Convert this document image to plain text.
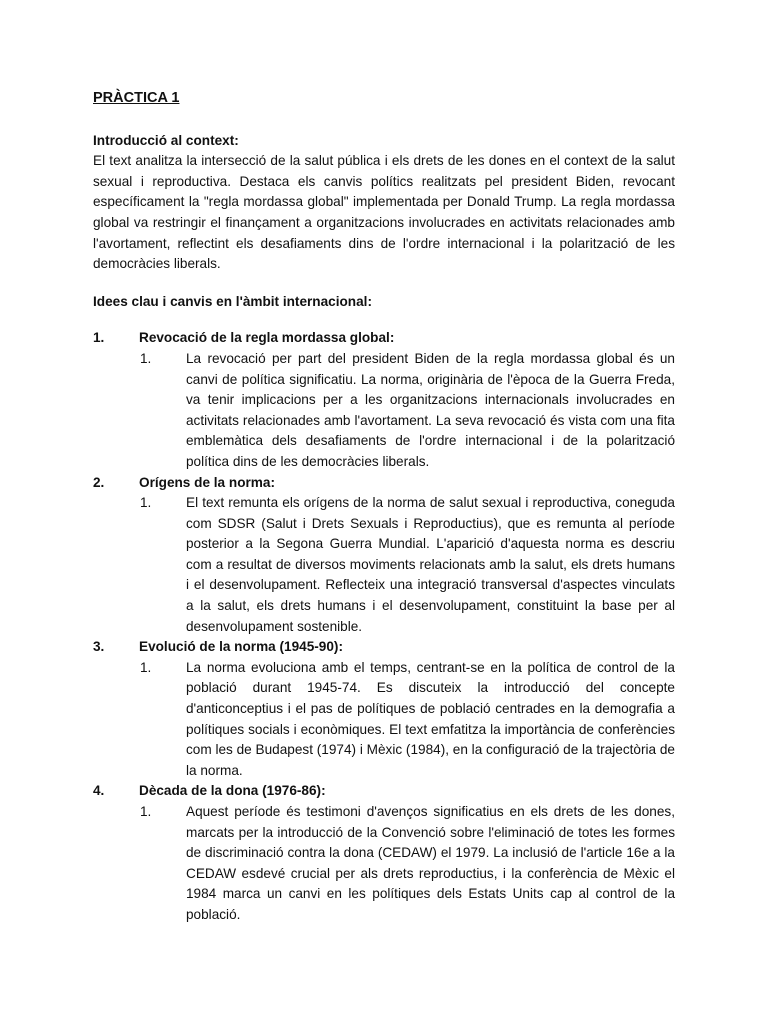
PRÀCTICA 1

Introducció al context:

El text analitza la intersecció de la salut pública i els drets de les dones en el context de la salut sexual i reproductiva. Destaca els canvis polítics realitzats pel president Biden, revocant específicament la "regla mordassa global" implementada per Donald Trump. La regla mordassa global va restringir el finançament a organitzacions involucrades en activitats relacionades amb l'avortament, reflectint els desafiaments dins de l'ordre internacional i la polarització de les democràcies liberals.

Idees clau i canvis en l'àmbit internacional:

1.	Revocació de la regla mordassa global:

1.	La revocació per part del president Biden de la regla mordassa global és un canvi de política significatiu. La norma, originària de l'època de la Guerra Freda, va tenir implicacions per a les organitzacions internacionals involucrades en activitats relacionades amb l'avortament. La seva revocació és vista com una fita emblemàtica dels desafiaments de l'ordre internacional i de la polarització política dins de les democràcies liberals.

2.	Orígens de la norma:

1.	El text remunta els orígens de la norma de salut sexual i reproductiva, coneguda com SDSR (Salut i Drets Sexuals i Reproductius), que es remunta al període posterior a la Segona Guerra Mundial. L'aparició d'aquesta norma es descriu com a resultat de diversos moviments relacionats amb la salut, els drets humans i el desenvolupament. Reflecteix una integració transversal d'aspectes vinculats a la salut, els drets humans i el desenvolupament, constituint la base per al desenvolupament sostenible.

3.	Evolució de la norma (1945-90):

1.	La norma evoluciona amb el temps, centrant-se en la política de control de la població durant 1945-74. Es discuteix la introducció del concepte d'anticonceptius i el pas de polítiques de població centrades en la demografia a polítiques socials i econòmiques. El text emfatitza la importància de conferències com les de Budapest (1974) i Mèxic (1984), en la configuració de la trajectòria de la norma.

4.	Dècada de la dona (1976-86):

1.	Aquest període és testimoni d'avenços significatius en els drets de les dones, marcats per la introducció de la Convenció sobre l'eliminació de totes les formes de discriminació contra la dona (CEDAW) el 1979. La inclusió de l'article 16e a la CEDAW esdevé crucial per als drets reproductius, i la conferència de Mèxic el 1984 marca un canvi en les polítiques dels Estats Units cap al control de la població.
